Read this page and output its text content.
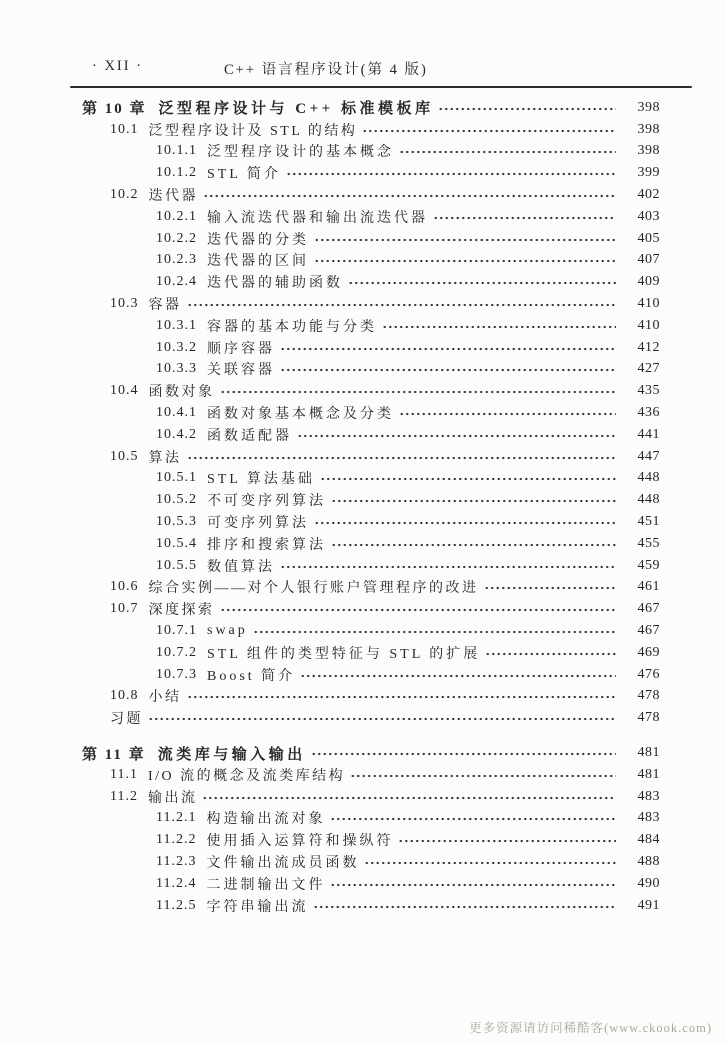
· XII ·	C++ 语言程序设计(第 4 版)
第 10 章 泛型程序设计与 C++ 标准模板库	398
10.1 泛型程序设计及 STL 的结构	398
10.1.1 泛型程序设计的基本概念	398
10.1.2 STL 简介	399
10.2 迭代器	402
10.2.1 输入流迭代器和输出流迭代器	403
10.2.2 迭代器的分类	405
10.2.3 迭代器的区间	407
10.2.4 迭代器的辅助函数	409
10.3 容器	410
10.3.1 容器的基本功能与分类	410
10.3.2 顺序容器	412
10.3.3 关联容器	427
10.4 函数对象	435
10.4.1 函数对象基本概念及分类	436
10.4.2 函数适配器	441
10.5 算法	447
10.5.1 STL 算法基础	448
10.5.2 不可变序列算法	448
10.5.3 可变序列算法	451
10.5.4 排序和搜索算法	455
10.5.5 数值算法	459
10.6 综合实例——对个人银行账户管理程序的改进	461
10.7 深度探索	467
10.7.1 swap	467
10.7.2 STL 组件的类型特征与 STL 的扩展	469
10.7.3 Boost 简介	476
10.8 小结	478
习题	478
第 11 章 流类库与输入输出	481
11.1 I/O 流的概念及流类库结构	481
11.2 输出流	483
11.2.1 构造输出流对象	483
11.2.2 使用插入运算符和操纵符	484
11.2.3 文件输出流成员函数	488
11.2.4 二进制输出文件	490
11.2.5 字符串输出流	491
更多资源请访问稀酷客(www.ckook.com)
